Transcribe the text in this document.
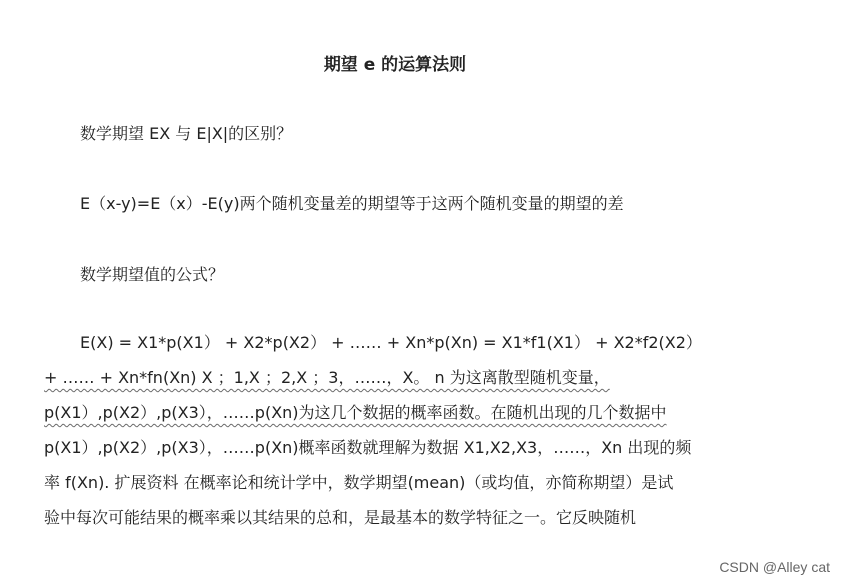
期望 e 的运算法则
数学期望 EX 与 E|X|的区别？
E（x-y)=E（x）-E(y)两个随机变量差的期望等于这两个随机变量的期望的差
数学期望值的公式？
E(X) = X1*p(X1） + X2*p(X2） + …… + Xn*p(Xn) = X1*f1(X1） + X2*f2(X2）
+ …… + Xn*fn(Xn) X ；1,X ；2,X ；3，……，X。 n 为这离散型随机变量，
p(X1）,p(X2）,p(X3），……p(Xn)为这几个数据的概率函数。在随机出现的几个数据中
p(X1）,p(X2）,p(X3），……p(Xn)概率函数就理解为数据 X1,X2,X3，……，Xn 出现的频
率 f(Xn). 扩展资料 在概率论和统计学中，数学期望(mean)（或均值，亦简称期望）是试
验中每次可能结果的概率乘以其结果的总和，是最基本的数学特征之一。它反映随机
CSDN @Alley cat
